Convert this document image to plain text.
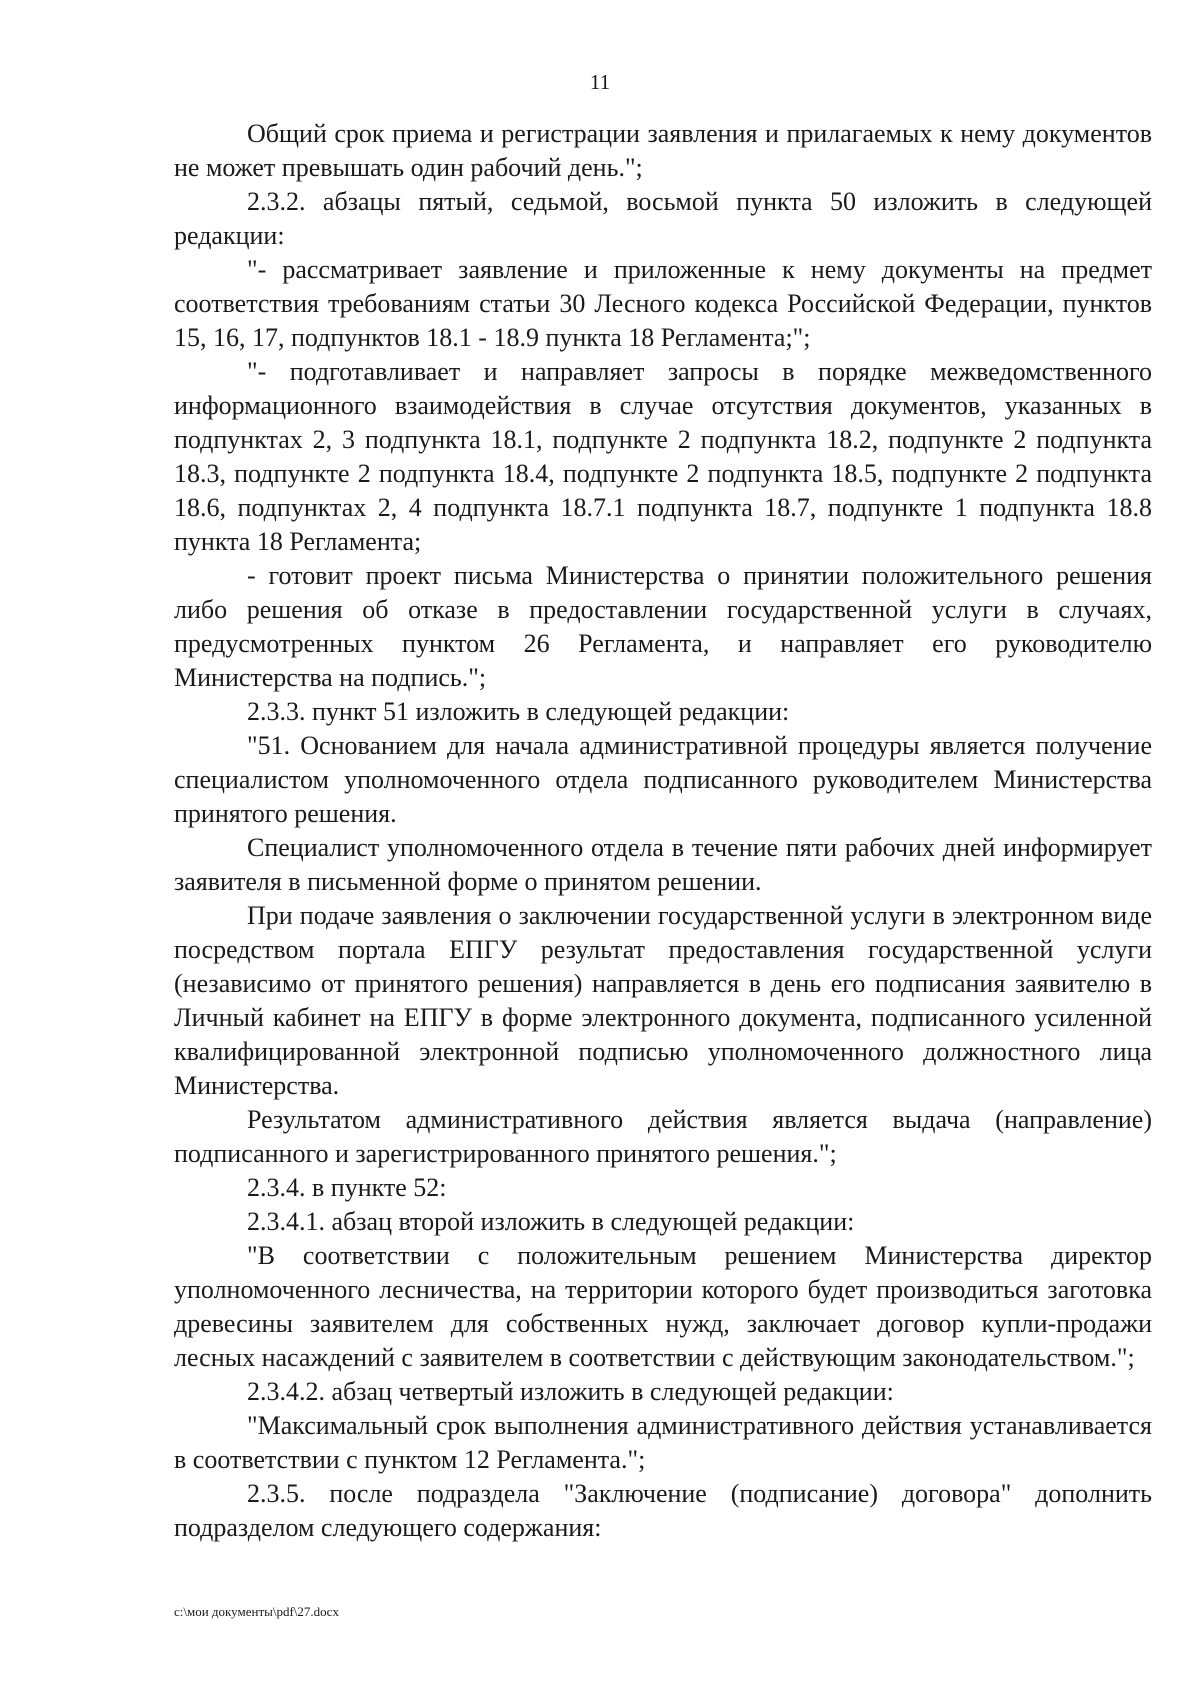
11

Общий срок приема и регистрации заявления и прилагаемых к нему документов не может превышать один рабочий день.";

2.3.2. абзацы пятый, седьмой, восьмой пункта 50 изложить в следующей редакции:

"- рассматривает заявление и приложенные к нему документы на предмет соответствия требованиям статьи 30 Лесного кодекса Российской Федерации, пунктов 15, 16, 17, подпунктов 18.1 - 18.9 пункта 18 Регламента;";

"- подготавливает и направляет запросы в порядке межведомственного информационного взаимодействия в случае отсутствия документов, указанных в подпунктах 2, 3 подпункта 18.1, подпункте 2 подпункта 18.2, подпункте 2 подпункта 18.3, подпункте 2 подпункта 18.4, подпункте 2 подпункта 18.5, подпункте 2 подпункта 18.6, подпунктах 2, 4 подпункта 18.7.1 подпункта 18.7, подпункте 1 подпункта 18.8 пункта 18 Регламента;

- готовит проект письма Министерства о принятии положительного решения либо решения об отказе в предоставлении государственной услуги в случаях, предусмотренных пунктом 26 Регламента, и направляет его руководителю Министерства на подпись.";

2.3.3. пункт 51 изложить в следующей редакции:

"51. Основанием для начала административной процедуры является получение специалистом уполномоченного отдела подписанного руководителем Министерства принятого решения.

Специалист уполномоченного отдела в течение пяти рабочих дней информирует заявителя в письменной форме о принятом решении.

При подаче заявления о заключении государственной услуги в электронном виде посредством портала ЕПГУ результат предоставления государственной услуги (независимо от принятого решения) направляется в день его подписания заявителю в Личный кабинет на ЕПГУ в форме электронного документа, подписанного усиленной квалифицированной электронной подписью уполномоченного должностного лица Министерства.

Результатом административного действия является выдача (направление) подписанного и зарегистрированного принятого решения.";

2.3.4. в пункте 52:

2.3.4.1. абзац второй изложить в следующей редакции:

"В соответствии с положительным решением Министерства директор уполномоченного лесничества, на территории которого будет производиться заготовка древесины заявителем для собственных нужд, заключает договор купли-продажи лесных насаждений с заявителем в соответствии с действующим законодательством.";

2.3.4.2. абзац четвертый изложить в следующей редакции:

"Максимальный срок выполнения административного действия устанавливается в соответствии с пунктом 12 Регламента.";

2.3.5. после подраздела "Заключение (подписание) договора" дополнить подразделом следующего содержания:

c:\мои документы\pdf\27.docx
